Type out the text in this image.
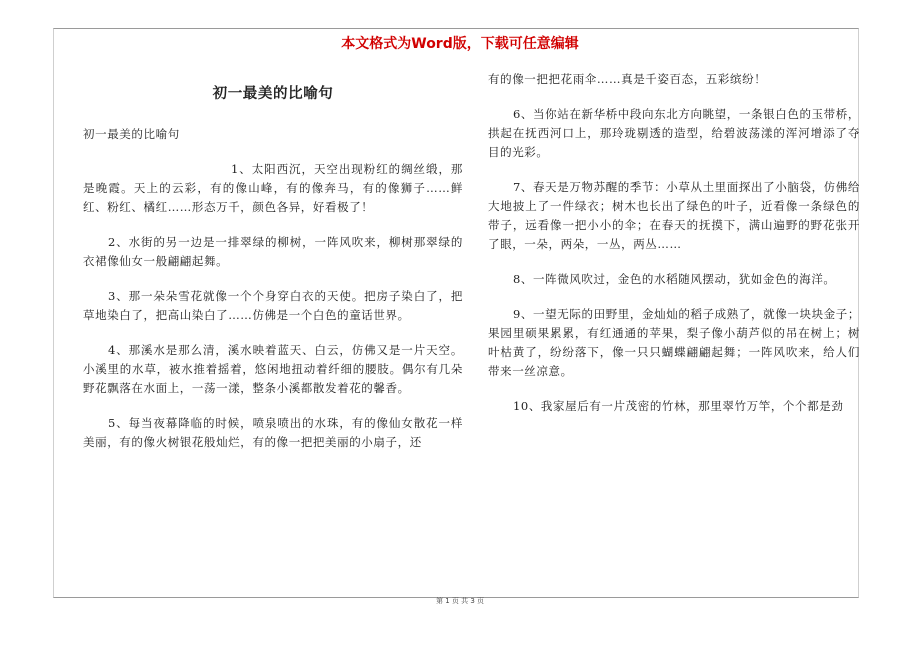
本文格式为Word版，下载可任意编辑
初一最美的比喻句
初一最美的比喻句

1、太阳西沉，天空出现粉红的绸丝缎，那是晚霞。天上的云彩，有的像山峰，有的像奔马，有的像狮子……鲜红、粉红、橘红……形态万千，颜色各异，好看极了！

2、水街的另一边是一排翠绿的柳树，一阵风吹来，柳树那翠绿的衣裙像仙女一般翩翩起舞。

3、那一朵朵雪花就像一个个身穿白衣的天使。把房子染白了，把草地染白了，把高山染白了……仿佛是一个白色的童话世界。

4、那溪水是那么清，溪水映着蓝天、白云，仿佛又是一片天空。小溪里的水草，被水推着摇着，悠闲地扭动着纤细的腰肢。偶尔有几朵野花飘落在水面上，一荡一漾，整条小溪都散发着花的馨香。

5、每当夜幕降临的时候，喷泉喷出的水珠，有的像仙女散花一样美丽，有的像火树银花般灿烂，有的像一把把美丽的小扇子，还

有的像一把把花雨伞……真是千姿百态，五彩缤纷！

6、当你站在新华桥中段向东北方向眺望，一条银白色的玉带桥，拱起在抚西河口上，那玲珑剔透的造型，给碧波荡漾的浑河增添了夺目的光彩。

7、春天是万物苏醒的季节：小草从土里面探出了小脑袋，仿佛给大地披上了一件绿衣；树木也长出了绿色的叶子，近看像一条绿色的带子，远看像一把小小的伞；在春天的抚摸下，满山遍野的野花张开了眼，一朵，两朵，一丛，两丛……

8、一阵微风吹过，金色的水稻随风摆动，犹如金色的海洋。

9、一望无际的田野里，金灿灿的稻子成熟了，就像一块块金子；果园里硕果累累，有红通通的苹果，梨子像小葫芦似的吊在树上；树叶枯黄了，纷纷落下，像一只只蝴蝶翩翩起舞；一阵风吹来，给人们带来一丝凉意。

10、我家屋后有一片茂密的竹林，那里翠竹万竿，个个都是劲

第 1 页 共 3 页
